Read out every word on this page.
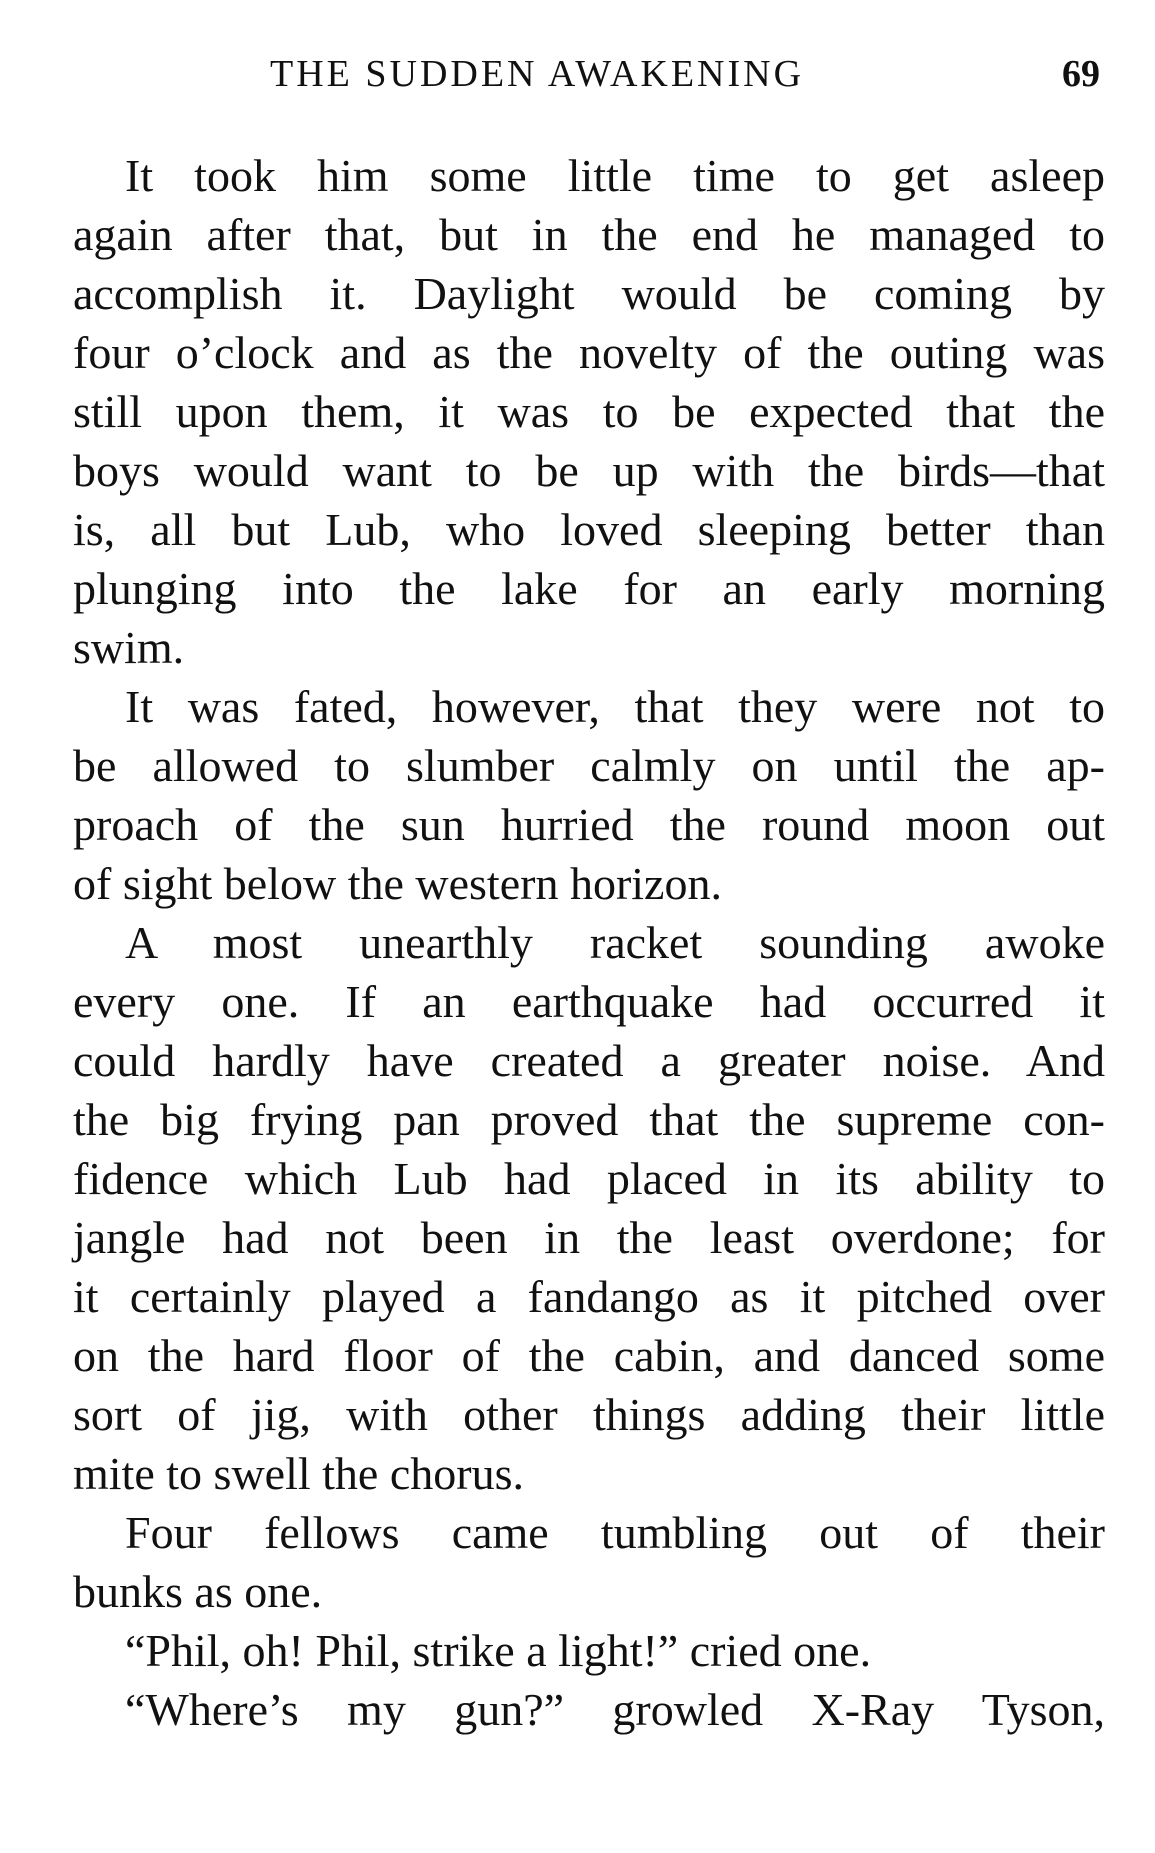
THE SUDDEN AWAKENING	69
It took him some little time to get asleep
again after that, but in the end he managed to
accomplish it. Daylight would be coming by
four o’clock and as the novelty of the outing was
still upon them, it was to be expected that the
boys would want to be up with the birds—that
is, all but Lub, who loved sleeping better than
plunging into the lake for an early morning
swim.
It was fated, however, that they were not to
be allowed to slumber calmly on until the ap-
proach of the sun hurried the round moon out
of sight below the western horizon.
A most unearthly racket sounding awoke
every one. If an earthquake had occurred it
could hardly have created a greater noise. And
the big frying pan proved that the supreme con-
fidence which Lub had placed in its ability to
jangle had not been in the least overdone; for
it certainly played a fandango as it pitched over
on the hard floor of the cabin, and danced some
sort of jig, with other things adding their little
mite to swell the chorus.
Four fellows came tumbling out of their
bunks as one.
“Phil, oh! Phil, strike a light!” cried one.
“Where’s my gun?” growled X-Ray Tyson,
